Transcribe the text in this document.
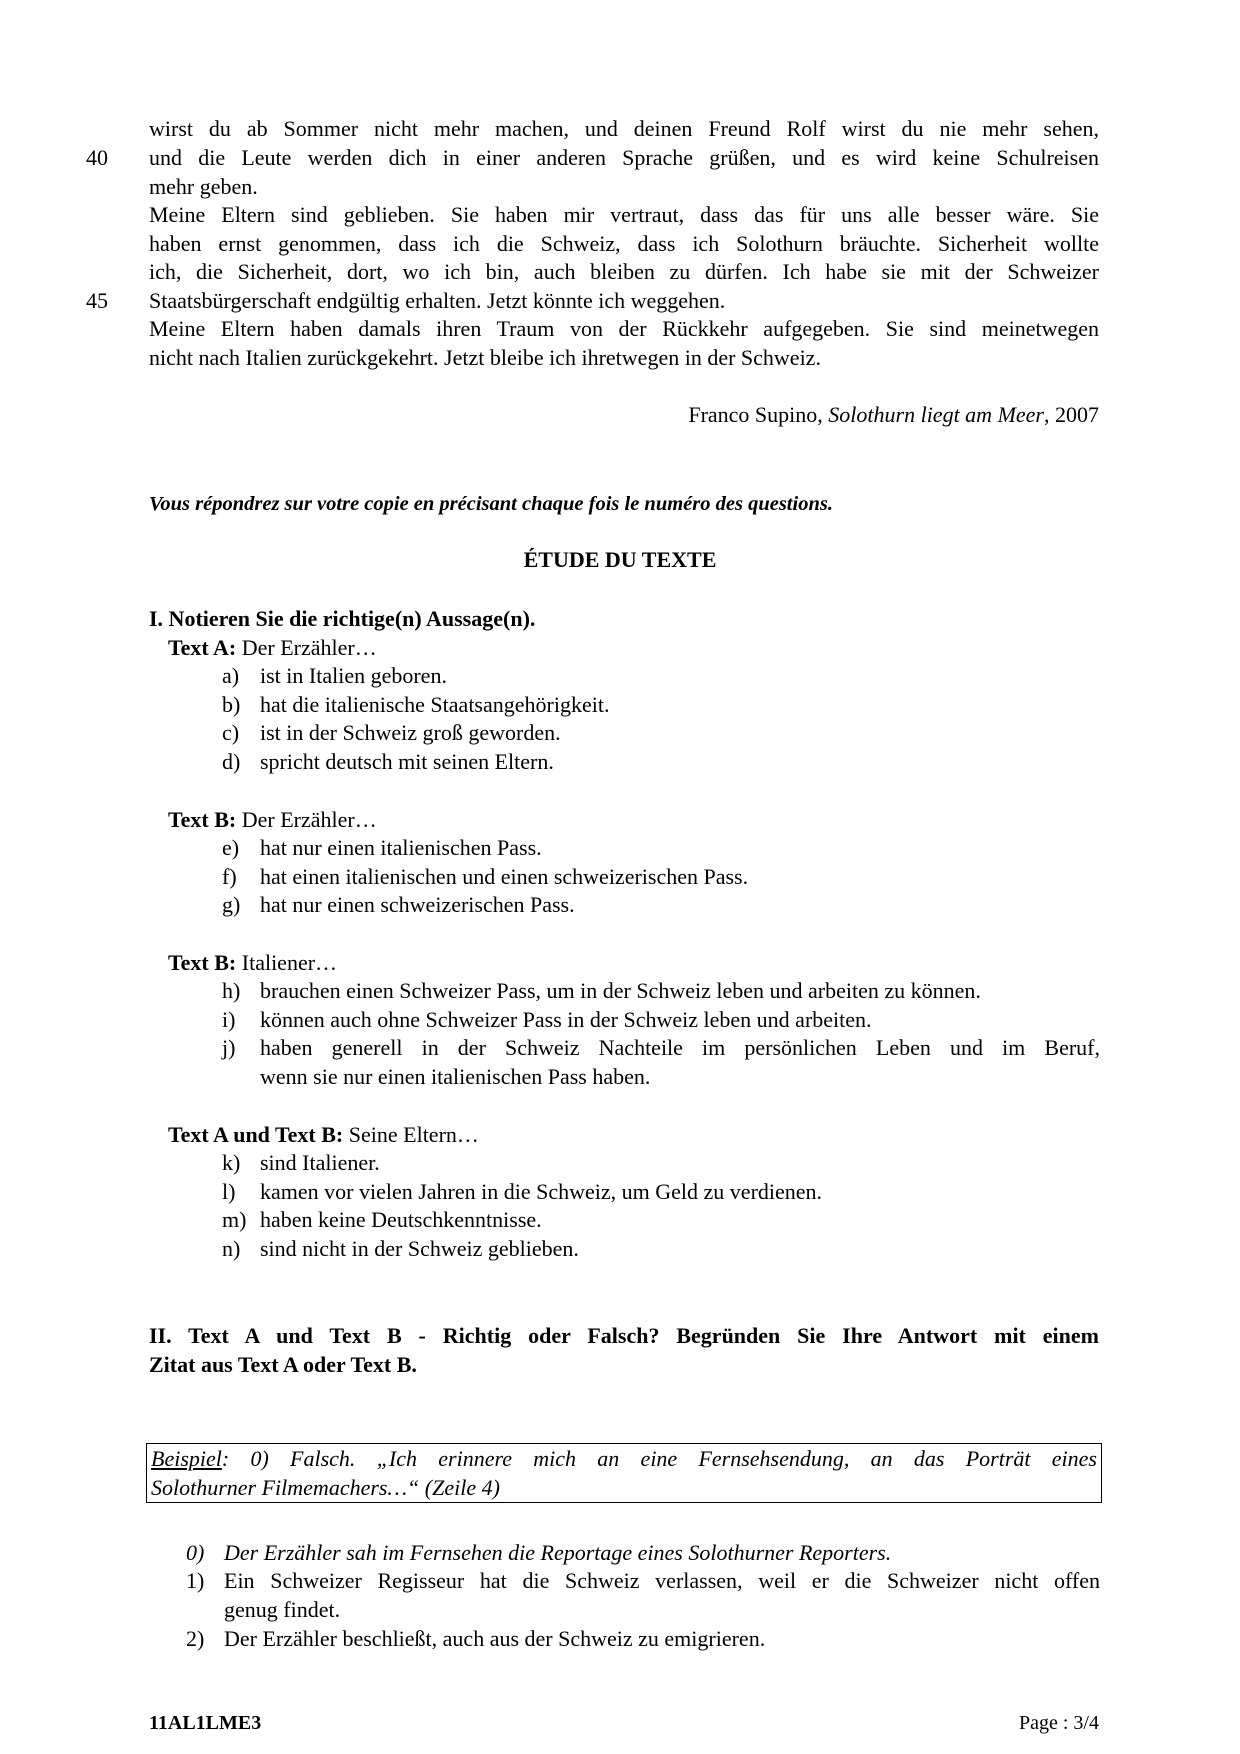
wirst du ab Sommer nicht mehr machen, und deinen Freund Rolf wirst du nie mehr sehen,
40	und die Leute werden dich in einer anderen Sprache grüßen, und es wird keine Schulreisen
mehr geben.
Meine Eltern sind geblieben. Sie haben mir vertraut, dass das für uns alle besser wäre. Sie
haben ernst genommen, dass ich die Schweiz, dass ich Solothurn bräuchte. Sicherheit wollte
ich, die Sicherheit, dort, wo ich bin, auch bleiben zu dürfen. Ich habe sie mit der Schweizer
45	Staatsbürgerschaft endgültig erhalten. Jetzt könnte ich weggehen.
Meine Eltern haben damals ihren Traum von der Rückkehr aufgegeben. Sie sind meinetwegen
nicht nach Italien zurückgekehrt. Jetzt bleibe ich ihretwegen in der Schweiz.
Franco Supino, Solothurn liegt am Meer, 2007
Vous répondrez sur votre copie en précisant chaque fois le numéro des questions.
ÉTUDE DU TEXTE
I. Notieren Sie die richtige(n) Aussage(n).
Text A: Der Erzähler…
a) ist in Italien geboren.
b) hat die italienische Staatsangehörigkeit.
c) ist in der Schweiz groß geworden.
d) spricht deutsch mit seinen Eltern.
Text B: Der Erzähler…
e) hat nur einen italienischen Pass.
f) hat einen italienischen und einen schweizerischen Pass.
g) hat nur einen schweizerischen Pass.
Text B: Italiener…
h) brauchen einen Schweizer Pass, um in der Schweiz leben und arbeiten zu können.
i) können auch ohne Schweizer Pass in der Schweiz leben und arbeiten.
j) haben generell in der Schweiz Nachteile im persönlichen Leben und im Beruf,
wenn sie nur einen italienischen Pass haben.
Text A und Text B: Seine Eltern…
k) sind Italiener.
l) kamen vor vielen Jahren in die Schweiz, um Geld zu verdienen.
m) haben keine Deutschkenntnisse.
n) sind nicht in der Schweiz geblieben.
II. Text A und Text B - Richtig oder Falsch? Begründen Sie Ihre Antwort mit einem
Zitat aus Text A oder Text B.
Beispiel: 0) Falsch. „Ich erinnere mich an eine Fernsehsendung, an das Porträt eines
Solothurner Filmemachers…“ (Zeile 4)
0) Der Erzähler sah im Fernsehen die Reportage eines Solothurner Reporters.
1) Ein Schweizer Regisseur hat die Schweiz verlassen, weil er die Schweizer nicht offen
genug findet.
2) Der Erzähler beschließt, auch aus der Schweiz zu emigrieren.
11AL1LME3	Page : 3/4
